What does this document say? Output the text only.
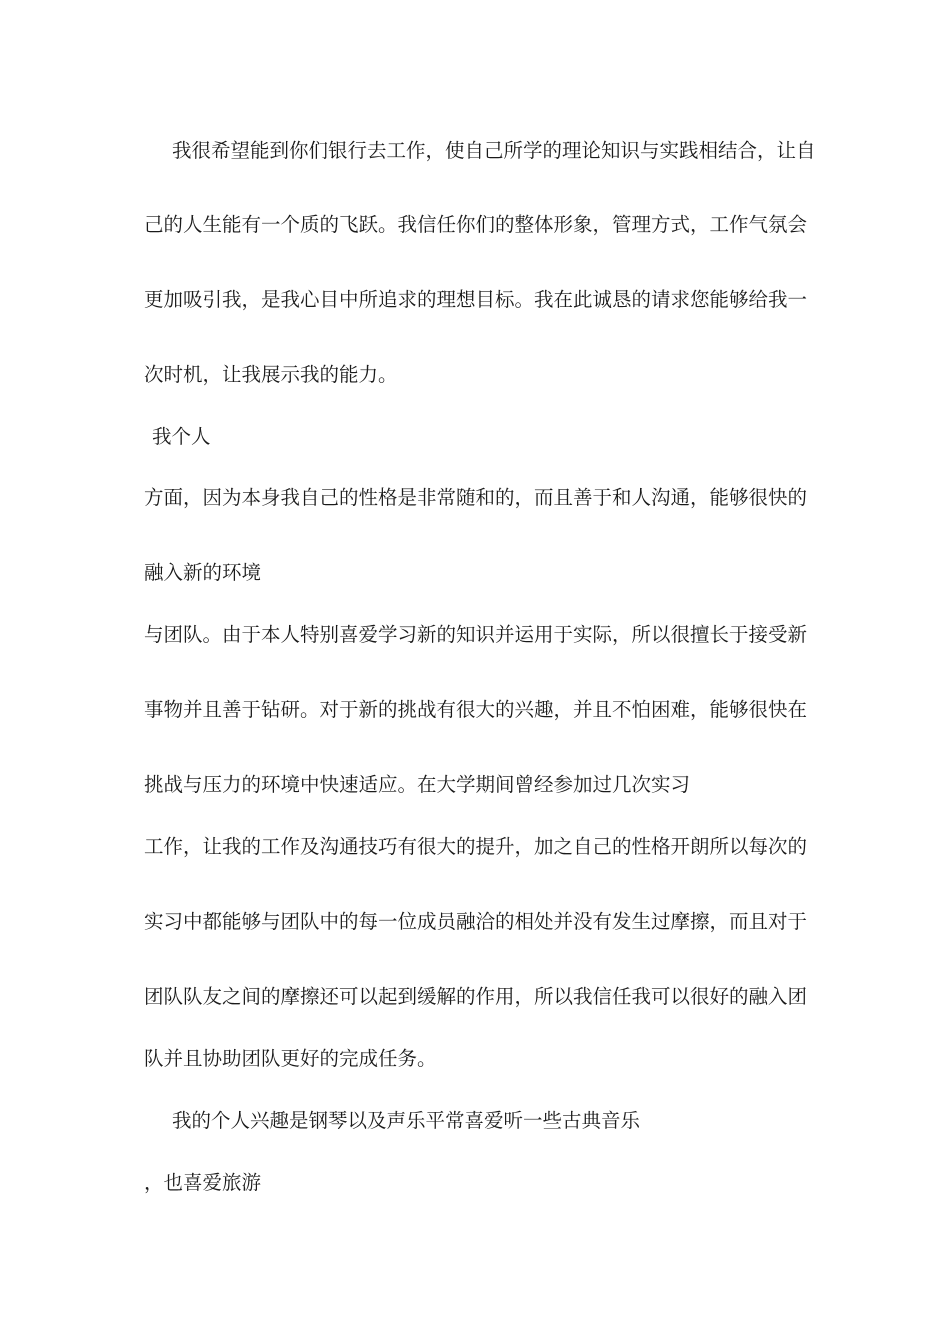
我很希望能到你们银行去工作，使自己所学的理论知识与实践相结合，让自
己的人生能有一个质的飞跃。我信任你们的整体形象，管理方式，工作气氛会
更加吸引我，是我心目中所追求的理想目标。我在此诚恳的请求您能够给我一
次时机，让我展示我的能力。
我个人
方面，因为本身我自己的性格是非常随和的，而且善于和人沟通，能够很快的
融入新的环境
与团队。由于本人特别喜爱学习新的知识并运用于实际，所以很擅长于接受新
事物并且善于钻研。对于新的挑战有很大的兴趣，并且不怕困难，能够很快在
挑战与压力的环境中快速适应。在大学期间曾经参加过几次实习
工作，让我的工作及沟通技巧有很大的提升，加之自己的性格开朗所以每次的
实习中都能够与团队中的每一位成员融洽的相处并没有发生过摩擦，而且对于
团队队友之间的摩擦还可以起到缓解的作用，所以我信任我可以很好的融入团
队并且协助团队更好的完成任务。
我的个人兴趣是钢琴以及声乐平常喜爱听一些古典音乐
，也喜爱旅游
